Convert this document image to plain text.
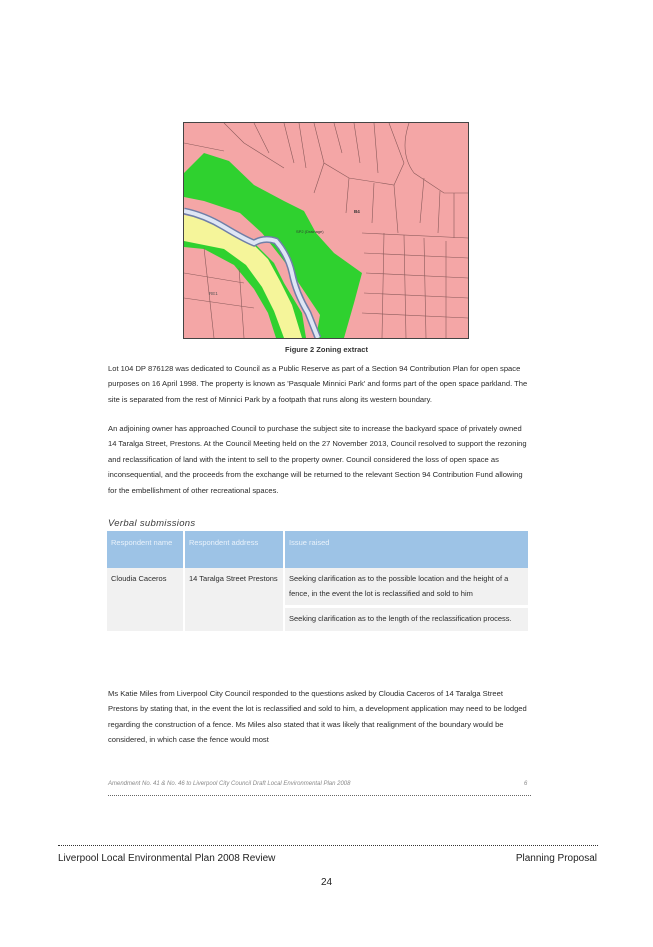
SP2 (Drainage)
B4
RE1
Figure 2 Zoning extract

Lot 104 DP 876128 was dedicated to Council as a Public Reserve as part of a Section 94 Contribution Plan for open space purposes on 16 April 1998. The property is known as 'Pasquale Minnici Park' and forms part of the open space parkland. The site is separated from the rest of Minnici Park by a footpath that runs along its western boundary.

An adjoining owner has approached Council to purchase the subject site to increase the backyard space of privately owned 14 Taralga Street, Prestons. At the Council Meeting held on the 27 November 2013, Council resolved to support the rezoning and reclassification of land with the intent to sell to the property owner. Council considered the loss of open space as inconsequential, and the proceeds from the exchange will be returned to the relevant Section 94 Contribution Fund allowing for the embellishment of other recreational spaces.

Verbal submissions
Respondent name	Respondent address	Issue raised
Cloudia Caceros	14 Taralga Street Prestons	Seeking clarification as to the possible location and the height of a fence, in the event the lot is reclassified and sold to him
		Seeking clarification as to the length of the reclassification process.

Ms Katie Miles from Liverpool City Council responded to the questions asked by Cloudia Caceros of 14 Taralga Street Prestons by stating that, in the event the lot is reclassified and sold to him, a development application may need to be lodged regarding the construction of a fence. Ms Miles also stated that it was likely that realignment of the boundary would be considered, in which case the fence would most

Amendment No. 41 & No. 46 to Liverpool City Council Draft Local Environmental Plan 2008	6
Liverpool Local Environmental Plan 2008 Review	Planning Proposal
24
